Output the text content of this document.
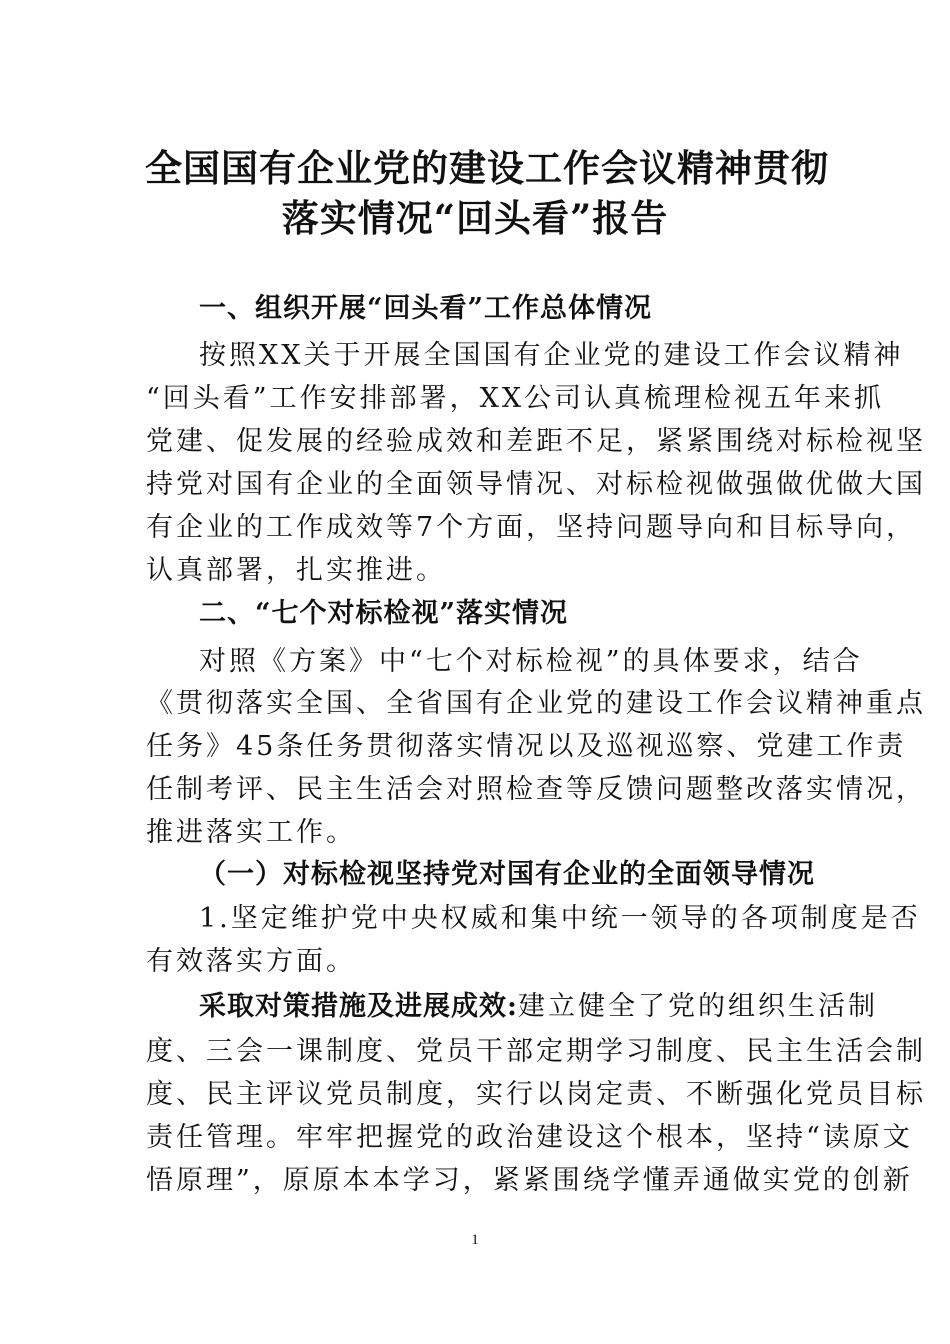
全国国有企业党的建设工作会议精神贯彻
落实情况“回头看”报告
一、组织开展“回头看”工作总体情况
按照XX关于开展全国国有企业党的建设工作会议精神
“回头看”工作安排部署，XX公司认真梳理检视五年来抓
党建、促发展的经验成效和差距不足，紧紧围绕对标检视坚
持党对国有企业的全面领导情况、对标检视做强做优做大国
有企业的工作成效等7个方面，坚持问题导向和目标导向，
认真部署，扎实推进。
二、“七个对标检视”落实情况
对照《方案》中“七个对标检视”的具体要求，结合
《贯彻落实全国、全省国有企业党的建设工作会议精神重点
任务》45条任务贯彻落实情况以及巡视巡察、党建工作责
任制考评、民主生活会对照检查等反馈问题整改落实情况，
推进落实工作。
（一）对标检视坚持党对国有企业的全面领导情况
1.坚定维护党中央权威和集中统一领导的各项制度是否
有效落实方面。
采取对策措施及进展成效:建立健全了党的组织生活制
度、三会一课制度、党员干部定期学习制度、民主生活会制
度、民主评议党员制度，实行以岗定责、不断强化党员目标
责任管理。牢牢把握党的政治建设这个根本，坚持“读原文
悟原理”，原原本本学习，紧紧围绕学懂弄通做实党的创新
1
